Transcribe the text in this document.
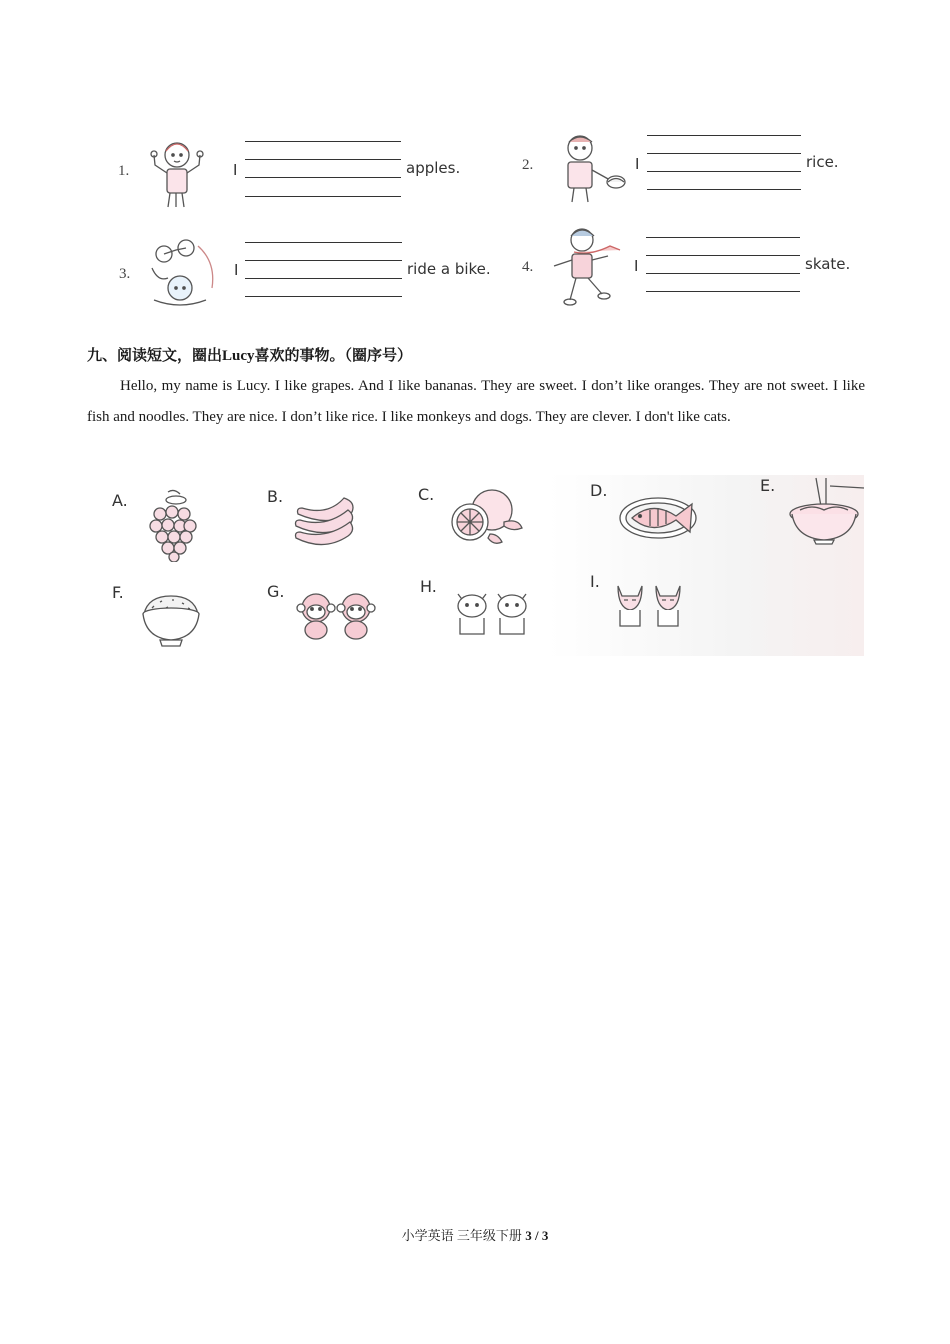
1.	I	apples.	2.	I	rice.
3.	I	ride a bike. 4.	I	skate.
九、阅读短文，圈出Lucy喜欢的事物。（圈序号）
Hello, my name is Lucy. I like grapes. And I like bananas. They are sweet. I don’t like oranges. They are not sweet. I like fish and noodles. They are nice. I don’t like rice. I like monkeys and dogs. They are clever. I don't like cats.
A.	B.	C.	D.	E.
F.	G.	H.	I.
小学英语 三年级下册 3 / 3
